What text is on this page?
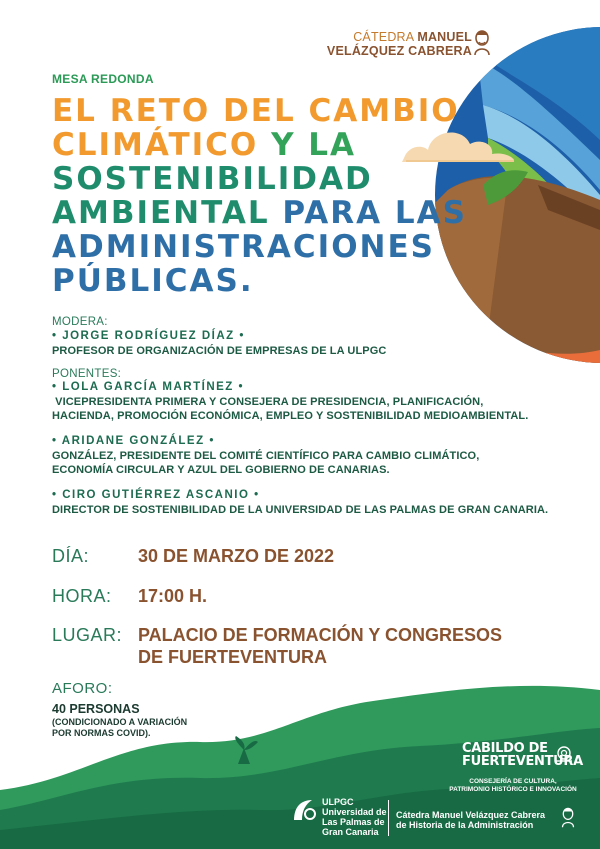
CÁTEDRA MANUEL
VELÁZQUEZ CABRERA
MESA REDONDA
EL RETO DEL CAMBIO
CLIMÁTICO Y LA
SOSTENIBILIDAD
AMBIENTAL PARA LAS
ADMINISTRACIONES
PÚBLICAS.
MODERA:
• JORGE RODRÍGUEZ DÍAZ •
PROFESOR DE ORGANIZACIÓN DE EMPRESAS DE LA ULPGC
PONENTES:
• LOLA GARCÍA MARTÍNEZ •
VICEPRESIDENTA PRIMERA Y CONSEJERA DE PRESIDENCIA, PLANIFICACIÓN,
HACIENDA, PROMOCIÓN ECONÓMICA, EMPLEO Y SOSTENIBILIDAD MEDIOAMBIENTAL.
• ARIDANE GONZÁLEZ •
GONZÁLEZ, PRESIDENTE DEL COMITÉ CIENTÍFICO PARA CAMBIO CLIMÁTICO,
ECONOMÍA CIRCULAR Y AZUL DEL GOBIERNO DE CANARIAS.
• CIRO GUTIÉRREZ ASCANIO •
DIRECTOR DE SOSTENIBILIDAD DE LA UNIVERSIDAD DE LAS PALMAS DE GRAN CANARIA.
DÍA:	30 DE MARZO DE 2022
HORA: 17:00 H.
LUGAR: PALACIO DE FORMACIÓN Y CONGRESOS
DE FUERTEVENTURA
AFORO:
40 PERSONAS
(CONDICIONADO A VARIACIÓN
POR NORMAS COVID).
CABILDO DE
FUERTEVENTURA
CONSEJERÍA DE CULTURA,
PATRIMONIO HISTÓRICO E INNOVACIÓN
ULPGC
Universidad de
Las Palmas de
Gran Canaria
Cátedra Manuel Velázquez Cabrera
de Historia de la Administración
